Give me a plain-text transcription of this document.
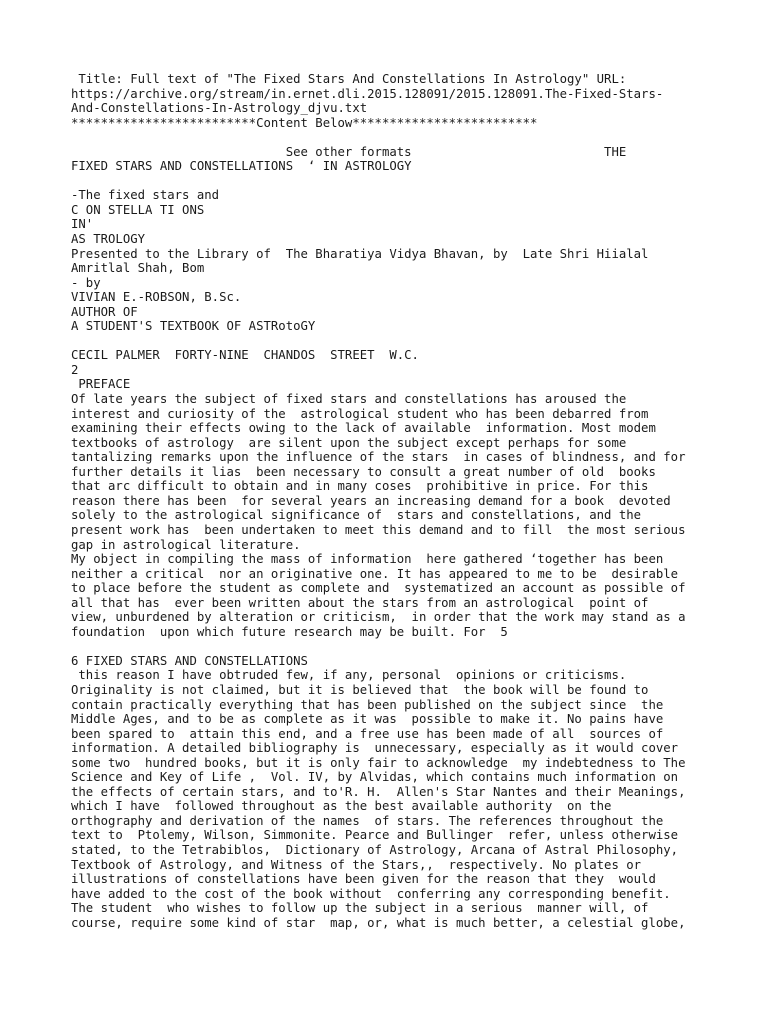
Title: Full text of "The Fixed Stars And Constellations In Astrology" URL:
https://archive.org/stream/in.ernet.dli.2015.128091/2015.128091.The-Fixed-Stars-
And-Constellations-In-Astrology_djvu.txt
*************************Content Below*************************

See other formats                          THE
FIXED STARS AND CONSTELLATIONS  ‘ IN ASTROLOGY

-The fixed stars and
C ON STELLA TI ONS
IN'
AS TROLOGY
Presented to the Library of  The Bharatiya Vidya Bhavan, by  Late Shri Hiialal
Amritlal Shah, Bom
- by
VIVIAN E.-ROBSON, B.Sc.
AUTHOR OF
A STUDENT'S TEXTBOOK OF ASTRotoGY

CECIL PALMER  FORTY-NINE  CHANDOS  STREET  W.C.
2
PREFACE
Of late years the subject of fixed stars and constellations has aroused the
interest and curiosity of the  astrological student who has been debarred from
examining their effects owing to the lack of available  information. Most modem
textbooks of astrology  are silent upon the subject except perhaps for some
tantalizing remarks upon the influence of the stars  in cases of blindness, and for
further details it lias  been necessary to consult a great number of old  books
that arc difficult to obtain and in many coses  prohibitive in price. For this
reason there has been  for several years an increasing demand for a book  devoted
solely to the astrological significance of  stars and constellations, and the
present work has  been undertaken to meet this demand and to fill  the most serious
gap in astrological literature.
My object in compiling the mass of information  here gathered ‘together has been
neither a critical  nor an originative one. It has appeared to me to be  desirable
to place before the student as complete and  systematized an account as possible of
all that has  ever been written about the stars from an astrological  point of
view, unburdened by alteration or criticism,  in order that the work may stand as a
foundation  upon which future research may be built. For  5

6 FIXED STARS AND CONSTELLATIONS
this reason I have obtruded few, if any, personal  opinions or criticisms.
Originality is not claimed, but it is believed that  the book will be found to
contain practically everything that has been published on the subject since  the
Middle Ages, and to be as complete as it was  possible to make it. No pains have
been spared to  attain this end, and a free use has been made of all  sources of
information. A detailed bibliography is  unnecessary, especially as it would cover
some two  hundred books, but it is only fair to acknowledge  my indebtedness to The
Science and Key of Life ,  Vol. IV, by Alvidas, which contains much information on
the effects of certain stars, and to'R. H.  Allen's Star Nantes and their Meanings,
which I have  followed throughout as the best available authority  on the
orthography and derivation of the names  of stars. The references throughout the
text to  Ptolemy, Wilson, Simmonite. Pearce and Bullinger  refer, unless otherwise
stated, to the Tetrabiblos,  Dictionary of Astrology, Arcana of Astral Philosophy,
Textbook of Astrology, and Witness of the Stars,,  respectively. No plates or
illustrations of constellations have been given for the reason that they  would
have added to the cost of the book without  conferring any corresponding benefit.
The student  who wishes to follow up the subject in a serious  manner will, of
course, require some kind of star  map, or, what is much better, a celestial globe,
